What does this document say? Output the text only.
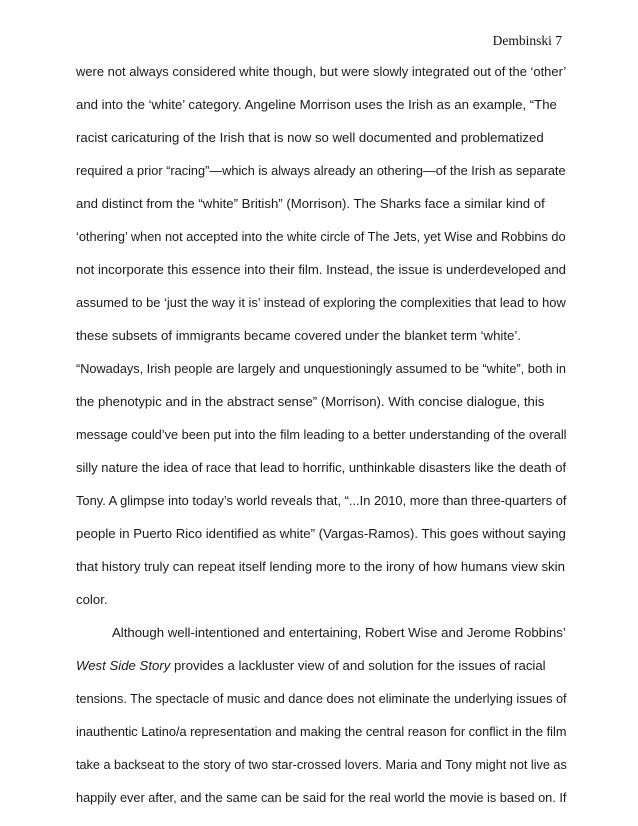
Dembinski 7
were not always considered white though, but were slowly integrated out of the ‘other’
and into the ‘white’ category. Angeline Morrison uses the Irish as an example, “The
racist caricaturing of the Irish that is now so well documented and problematized
required a prior “racing”—which is always already an othering—of the Irish as separate
and distinct from the “white” British” (Morrison). The Sharks face a similar kind of
‘othering’ when not accepted into the white circle of The Jets, yet Wise and Robbins do
not incorporate this essence into their film. Instead, the issue is underdeveloped and
assumed to be ‘just the way it is’ instead of exploring the complexities that lead to how
these subsets of immigrants became covered under the blanket term ‘white’.
“Nowadays, Irish people are largely and unquestioningly assumed to be “white”, both in
the phenotypic and in the abstract sense” (Morrison). With concise dialogue, this
message could’ve been put into the film leading to a better understanding of the overall
silly nature the idea of race that lead to horrific, unthinkable disasters like the death of
Tony. A glimpse into today’s world reveals that, “...In 2010, more than three-quarters of
people in Puerto Rico identified as white” (Vargas-Ramos). This goes without saying
that history truly can repeat itself lending more to the irony of how humans view skin
color.
Although well-intentioned and entertaining, Robert Wise and Jerome Robbins’
West Side Story provides a lackluster view of and solution for the issues of racial
tensions. The spectacle of music and dance does not eliminate the underlying issues of
inauthentic Latino/a representation and making the central reason for conflict in the film
take a backseat to the story of two star-crossed lovers. Maria and Tony might not live as
happily ever after, and the same can be said for the real world the movie is based on. If
